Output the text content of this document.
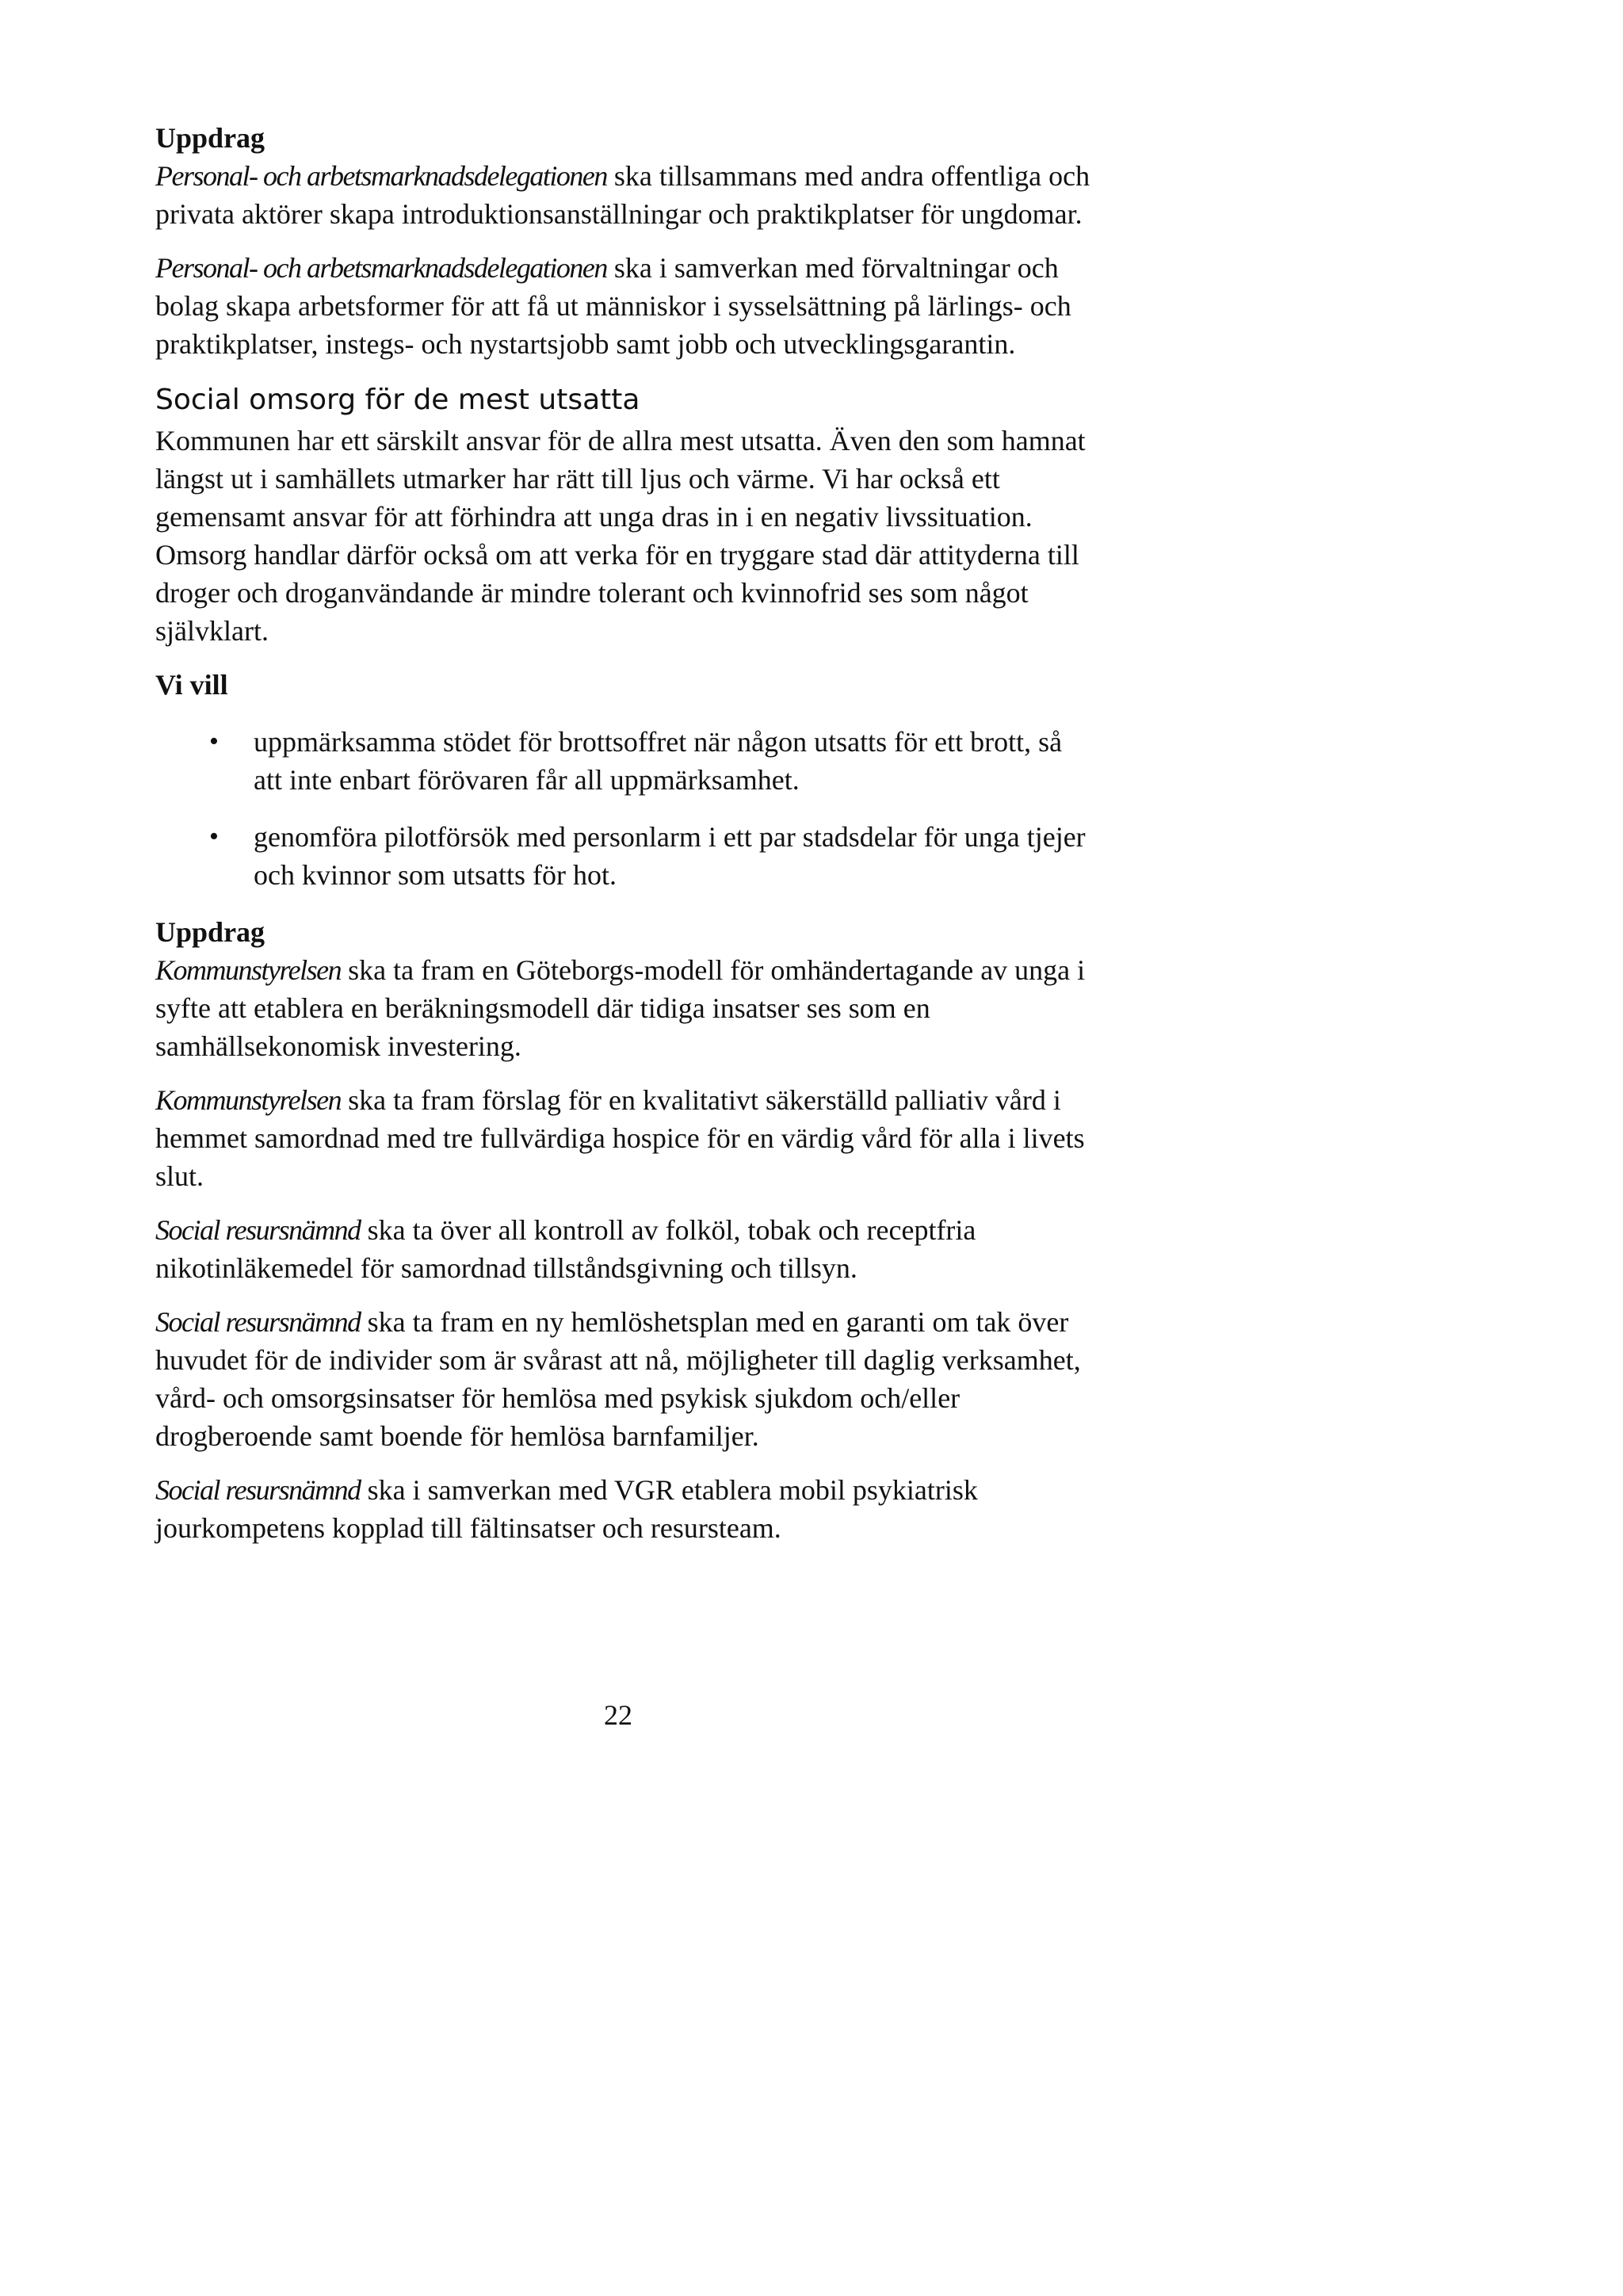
Uppdrag

Personal- och arbetsmarknadsdelegationen ska tillsammans med andra offentliga och privata aktörer skapa introduktionsanställningar och praktikplatser för ungdomar.

Personal- och arbetsmarknadsdelegationen ska i samverkan med förvaltningar och bolag skapa arbetsformer för att få ut människor i sysselsättning på lärlings- och praktikplatser, instegs- och nystartsjobb samt jobb och utvecklingsgarantin.

Social omsorg för de mest utsatta

Kommunen har ett särskilt ansvar för de allra mest utsatta. Även den som hamnat längst ut i samhällets utmarker har rätt till ljus och värme. Vi har också ett gemensamt ansvar för att förhindra att unga dras in i en negativ livssituation. Omsorg handlar därför också om att verka för en tryggare stad där attityderna till droger och droganvändande är mindre tolerant och kvinnofrid ses som något självklart.

Vi vill

• uppmärksamma stödet för brottsoffret när någon utsatts för ett brott, så att inte enbart förövaren får all uppmärksamhet.
• genomföra pilotförsök med personlarm i ett par stadsdelar för unga tjejer och kvinnor som utsatts för hot.

Uppdrag

Kommunstyrelsen ska ta fram en Göteborgs-modell för omhändertagande av unga i syfte att etablera en beräkningsmodell där tidiga insatser ses som en samhällsekonomisk investering.

Kommunstyrelsen ska ta fram förslag för en kvalitativt säkerställd palliativ vård i hemmet samordnad med tre fullvärdiga hospice för en värdig vård för alla i livets slut.

Social resursnämnd ska ta över all kontroll av folköl, tobak och receptfria nikotinläkemedel för samordnad tillståndsgivning och tillsyn.

Social resursnämnd ska ta fram en ny hemlöshetsplan med en garanti om tak över huvudet för de individer som är svårast att nå, möjligheter till daglig verksamhet, vård- och omsorgsinsatser för hemlösa med psykisk sjukdom och/eller drogberoende samt boende för hemlösa barnfamiljer.

Social resursnämnd ska i samverkan med VGR etablera mobil psykiatrisk jourkompetens kopplad till fältinsatser och resursteam.

22
